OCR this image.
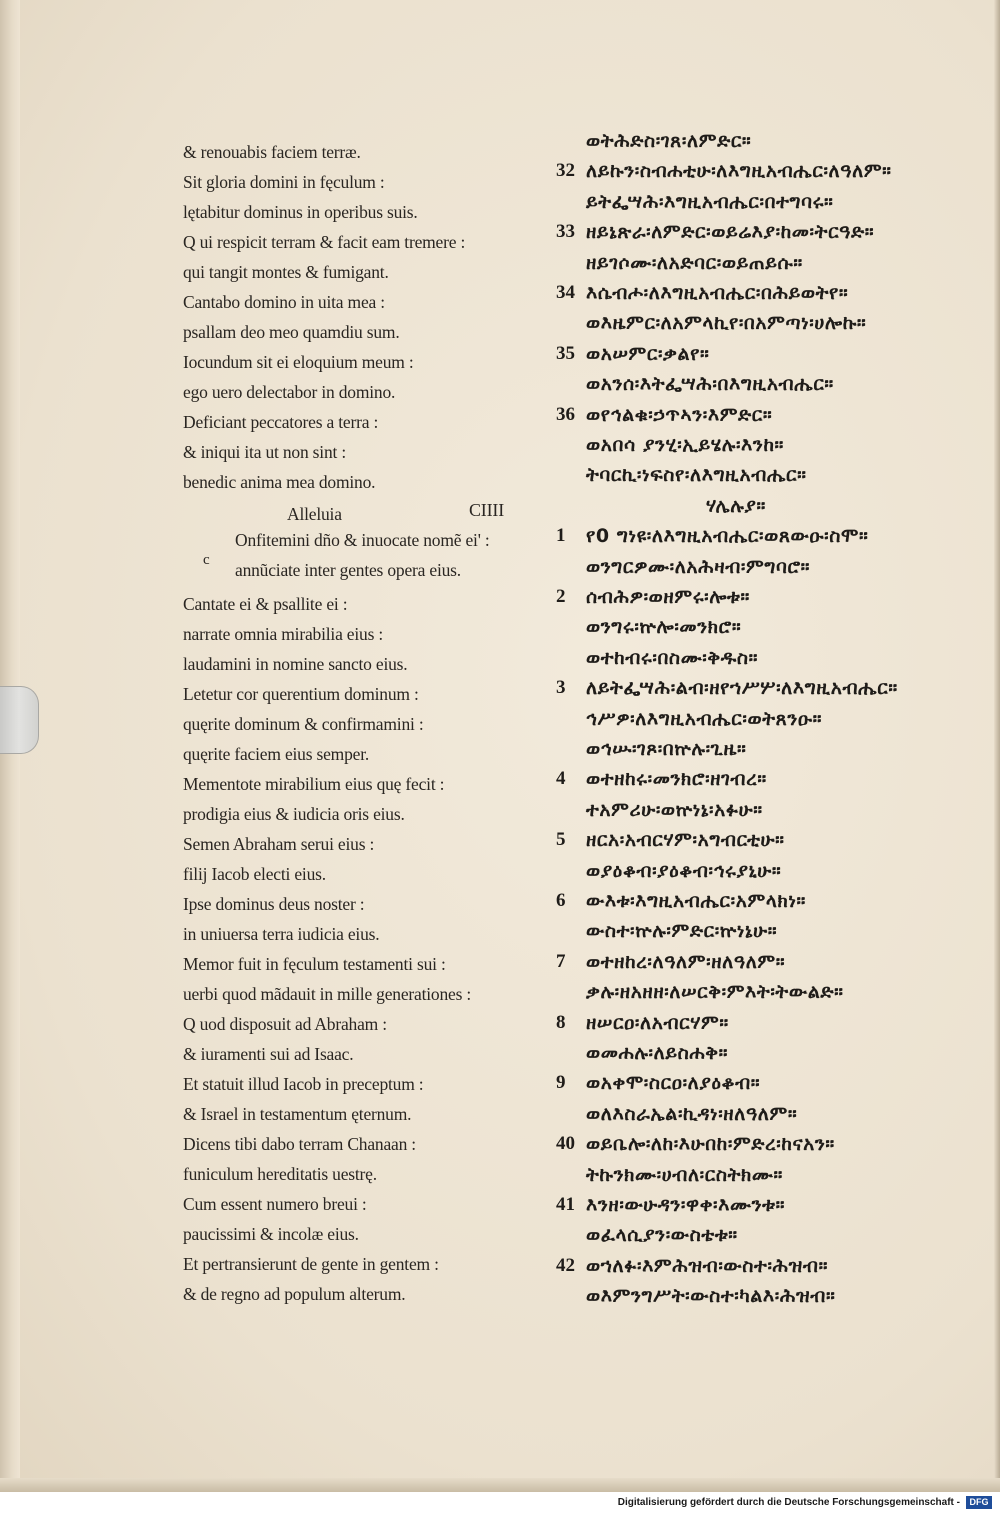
& renouabis faciem terræ.
Sit gloria domini in fęculum :
lętabitur dominus in operibus suis.
Q ui respicit terram & facit eam tremere :
qui tangit montes & fumigant.
Cantabo domino in uita mea :
psallam deo meo quamdiu sum.
Iocundum sit ei eloquium meum :
ego uero delectabor in domino.
Deficiant peccatores a terra :
& iniqui ita ut non sint :
benedic anima mea domino.
Alleluia	CIIII
Onfitemini dño & inuocate nomẽ ei' :
c annũciate inter gentes opera eius.
Cantate ei & psallite ei :
narrate omnia mirabilia eius :
laudamini in nomine sancto eius.
Letetur cor querentium dominum :
quęrite dominum & confirmamini :
quęrite faciem eius semper.
Mementote mirabilium eius quę fecit :
prodigia eius & iudicia oris eius.
Semen Abraham serui eius :
filij Iacob electi eius.
Ipse dominus deus noster :
in uniuersa terra iudicia eius.
Memor fuit in fęculum testamenti sui :
uerbi quod mãdauit in mille generationes :
Q uod disposuit ad Abraham :
& iuramenti sui ad Isaac.
Et statuit illud Iacob in preceptum :
& Israel in testamentum ęternum.
Dicens tibi dabo terram Chanaan :
funiculum hereditatis uestrę.
Cum essent numero breui :
paucissimi & incolæ eius.
Et pertransierunt de gente in gentem :
& de regno ad populum alterum.
ወትሕድስ፡ገጸ፡ለምድር።
32 ለይኩን፡ስብሐቲሁ፡ለእግዚአብሔር፡ለዓለም።
ይትፌሣሕ፡እግዚአብሔር፡በተግባሩ።
33 ዘይኔጽራ፡ለምድር፡ወይሬእያ፡ከመ፡ትርዓድ።
ዘይገሶሙ፡ለአድባር፡ወይጠይሱ።
34 እሴብሖ፡ለእግዚአብሔር፡በሕይወትየ።
ወእዜምር፡ለአምላኪየ፡በአምጣነ፡ሀሎኩ።
35 ወአሠምር፡ቃልየ።
ወአንሰ፡እትፌሣሕ፡በእግዚአብሔር።
36 ወየኅልቁ፡ኃጥኣን፡እምድር።
ወአበሳ ያንሂ፡ኢይሄሉ፡እንከ።
ትባርኪ፡ነፍስየ፡ለእግዚአብሔር።
ሃሌሉያ።
1	የ0 ግነዩ፡ለእግዚአብሔር፡ወጸውዑ፡ስሞ።
ወንግርዎሙ፡ለአሕዛብ፡ምግባሮ።
2	ሰብሕዎ፡ወዘምሩ፡ሎቱ።
ወንግሩ፡ኵሎ፡መንክሮ።
ወተከብሩ፡በስሙ፡ቅዱስ።
3	ለይትፌሣሕ፡ልብ፡ዘየኀሥሦ፡ለእግዚአብሔር።
ኅሥዎ፡ለእግዚአብሔር፡ወትጸንዑ።
ወኅሡ፡ገጾ፡በኵሉ፡ጊዜ።
4	ወተዘከሩ፡መንክሮ፡ዘገብረ።
ተአምሪሁ፡ወኵነኔ፡አፉሁ።
5	ዘርአ፡አብርሃም፡አግብርቲሁ።
ወያዕቆብ፡ያዕቆብ፡ኅሩያኒሁ።
6	ውእቱ፡እግዚአብሔር፡አምላክነ።
ውስተ፡ኵሉ፡ምድር፡ኵነኔሁ።
7	ወተዘከረ፡ለዓለም፡ዘለዓለም።
ቃሉ፡ዘአዘዘ፡ለሠርቅ፡ምእት፡ትውልድ።
8	ዘሠርዐ፡ለአብርሃም።
ወመሐሉ፡ለይስሐቅ።
9	ወአቀሞ፡ስርዐ፡ለያዕቆብ።
ወለእስራኤል፡ኪዳነ፡ዘለዓለም።
40 ወይቤሎ፡ለከ፡እሁበከ፡ምድረ፡ከናአን።
ትኩንክሙ፡ሀብለ፡ርስትክሙ።
41 እንዘ፡ውሁዳን፡ዋቀ፡እሙንቱ።
ወፈላሲያን፡ውስቴቱ።
42 ወኀለፉ፡እምሕዝብ፡ውስተ፡ሕዝብ።
ወእምንግሥት፡ውስተ፡ካልእ፡ሕዝብ።
Digitalisierung gefördert durch die Deutsche Forschungsgemeinschaft -	DFG
